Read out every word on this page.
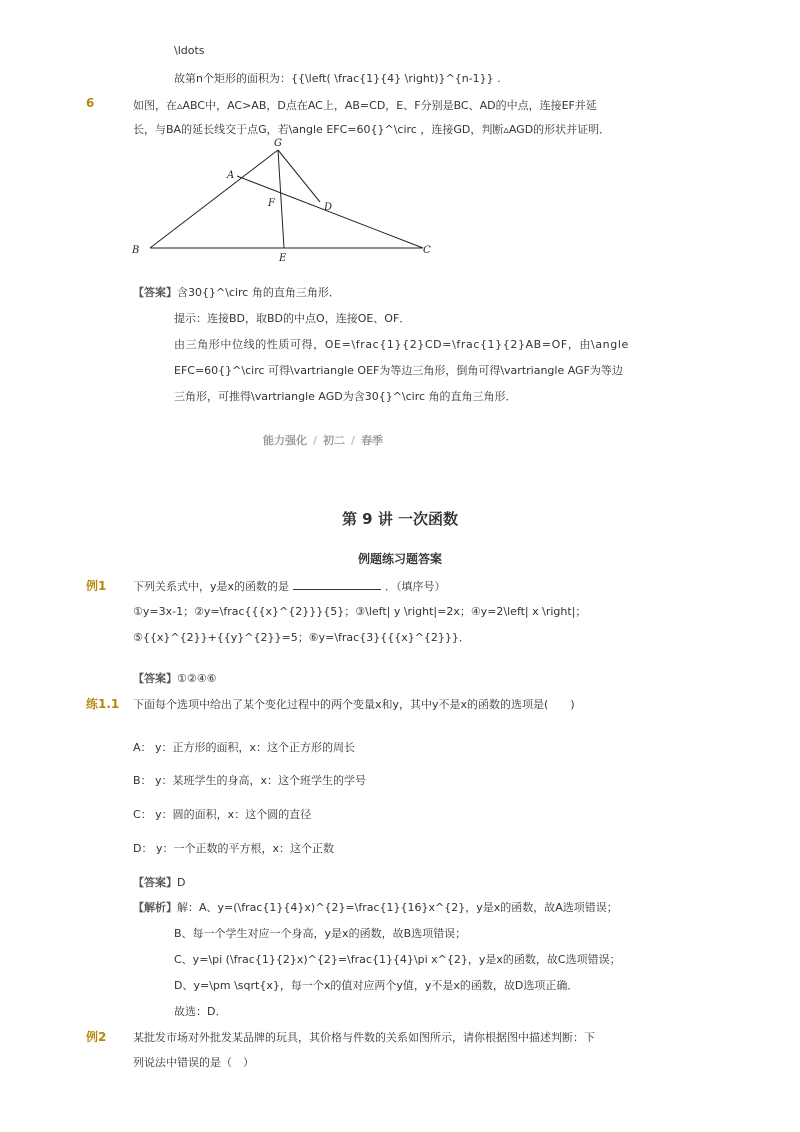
\ldots
故第n个矩形的面积为：{{\left( \frac{1}{4} \right)}^{n-1}} .
6	如图，在▵ABC中，AC>AB，D点在AC上，AB=CD，E、F分别是BC、AD的中点，连接EF并延
长，与BA的延长线交于点G，若\angle EFC=60{}^\circ ，连接GD，判断▵AGD的形状并证明．
G
A
F	D
B
E
C
【答案】含30{}^\circ 角的直角三角形．
提示：连接BD，取BD的中点O，连接OE、OF．
由三角形中位线的性质可得，OE=\frac{1}{2}CD=\frac{1}{2}AB=OF，由\angle
EFC=60{}^\circ 可得\vartriangle OEF为等边三角形，倒角可得\vartriangle AGF为等边
三角形，可推得\vartriangle AGD为含30{}^\circ 角的直角三角形．
能力强化 / 初二 / 春季
第 9 讲 一次函数
例题练习题答案
例1 下列关系式中，y是x的函数的是	．（填序号）
①y=3x-1；②y=\frac{{{x}^{2}}}{5}；③\left| y \right|=2x；④y=2\left| x \right|；
⑤{{x}^{2}}+{{y}^{2}}=5；⑥y=\frac{3}{{{x}^{2}}}．
【答案】①②④⑥
练1.1 下面每个选项中给出了某个变化过程中的两个变量x和y，其中y不是x的函数的选项是(　　)
A： y：正方形的面积，x：这个正方形的周长
B： y：某班学生的身高，x：这个班学生的学号
C： y：圆的面积，x：这个圆的直径
D： y：一个正数的平方根，x：这个正数
【答案】D
【解析】解：A、y=(\frac{1}{4}x)^{2}=\frac{1}{16}x^{2}，y是x的函数，故A选项错误；
B、每一个学生对应一个身高，y是x的函数，故B选项错误；
C、y=\pi (\frac{1}{2}x)^{2}=\frac{1}{4}\pi x^{2}，y是x的函数，故C选项错误；
D、y=\pm \sqrt{x}，每一个x的值对应两个y值，y不是x的函数，故D选项正确．
故选：D．
例2 某批发市场对外批发某品牌的玩具，其价格与件数的关系如图所示，请你根据图中描述判断：下
列说法中错误的是（　）
